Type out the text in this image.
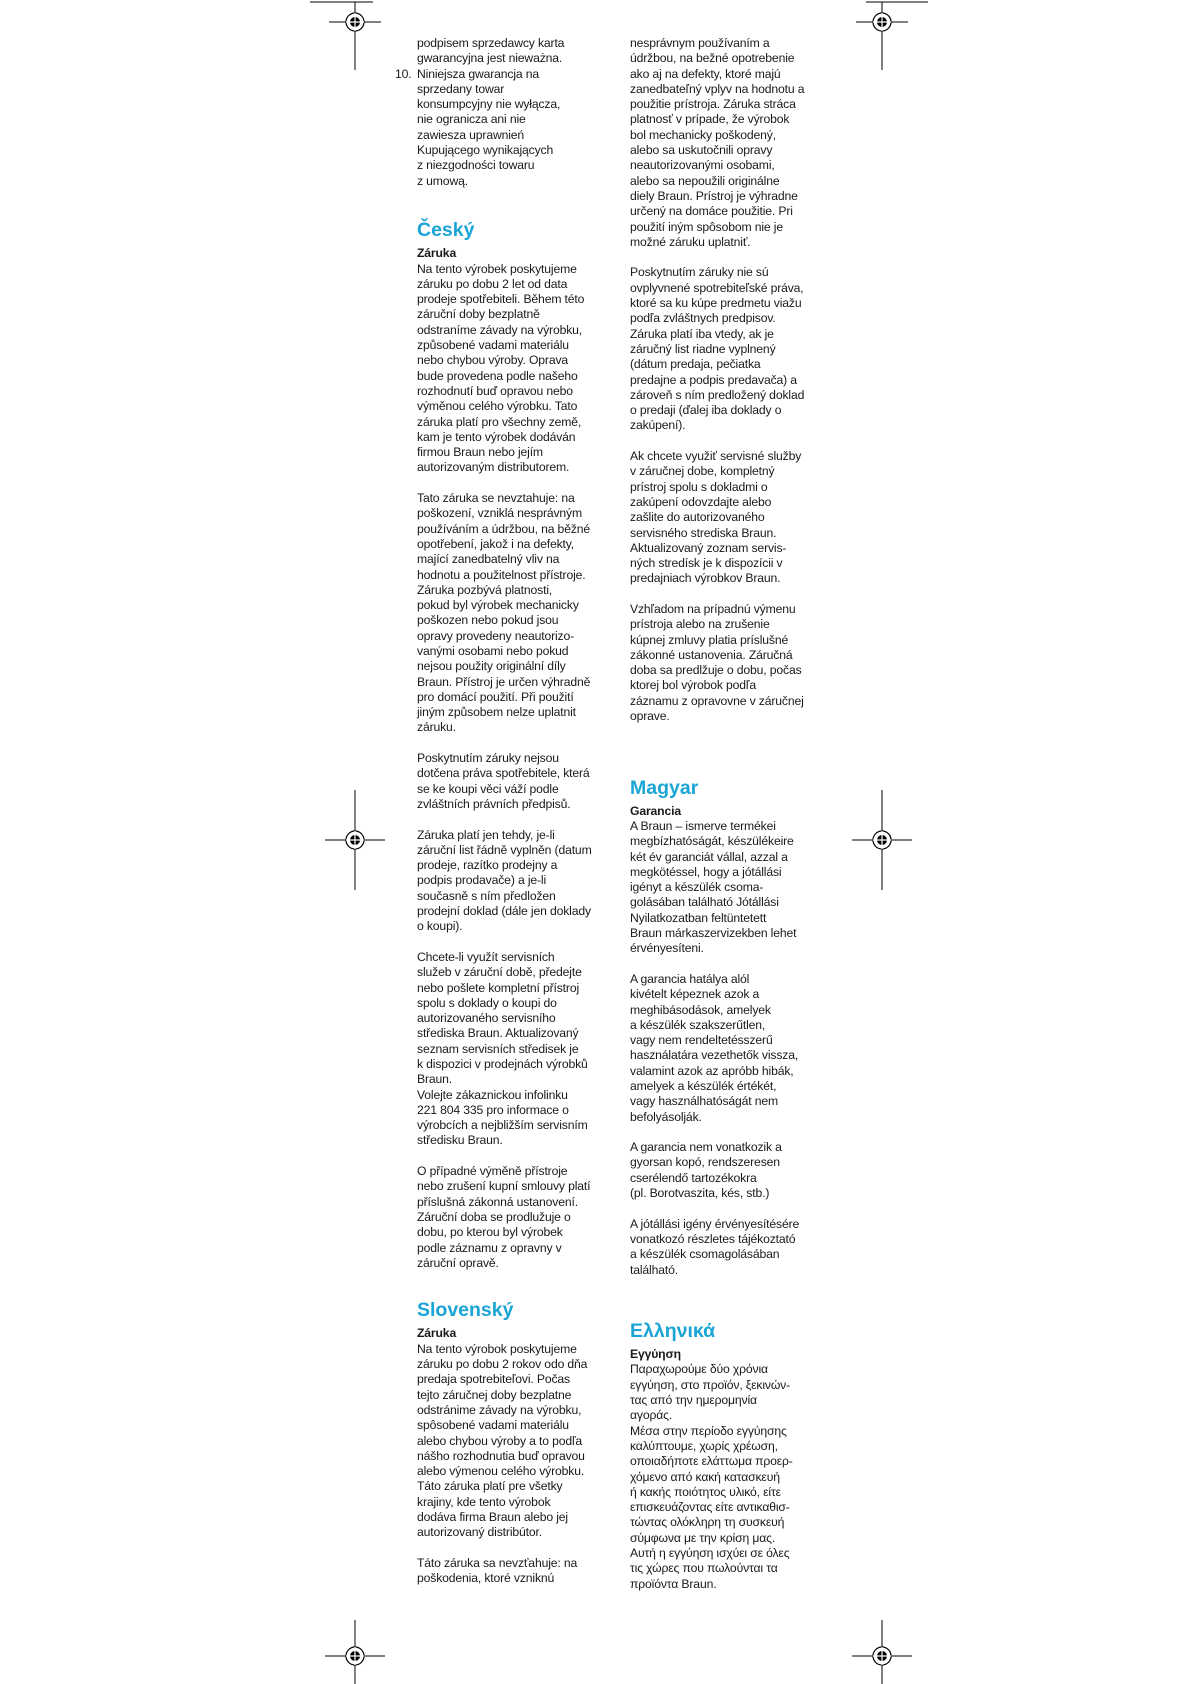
podpisem sprzedawcy karta
gwarancyjna jest nieważna.
10. Niniejsza gwarancja na
sprzedany towar
konsumpcyjny nie wyłącza,
nie ogranicza ani nie
zawiesza uprawnień
Kupującego wynikających
z niezgodności towaru
z umową.
Český
Záruka

Na tento výrobek poskytujeme
záruku po dobu 2 let od data
prodeje spotřebiteli. Během této
záruční doby bezplatně
odstraníme závady na výrobku,
způsobené vadami materiálu
nebo chybou výroby. Oprava
bude provedena podle našeho
rozhodnutí buď opravou nebo
výměnou celého výrobku. Tato
záruka platí pro všechny země,
kam je tento výrobek dodáván
firmou Braun nebo jejím
autorizovaným distributorem.

Tato záruka se nevztahuje: na
poškození, vzniklá nesprávným
používáním a údržbou, na běžné
opotřebení, jakož i na defekty,
mající zanedbatelný vliv na
hodnotu a použitelnost přístroje.
Záruka pozbývá platnosti,
pokud byl výrobek mechanicky
poškozen nebo pokud jsou
opravy provedeny neautorizo-
vanými osobami nebo pokud
nejsou použity originální díly
Braun. Přístroj je určen výhradně
pro domácí použití. Při použití
jiným způsobem nelze uplatnit
záruku.

Poskytnutím záruky nejsou
dotčena práva spotřebitele, která
se ke koupi věci váží podle
zvláštních právních předpisů.

Záruka platí jen tehdy, je-li
záruční list řádně vyplněn (datum
prodeje, razítko prodejny a
podpis prodavače) a je-li
současně s ním předložen
prodejní doklad (dále jen doklady
o koupi).

Chcete-li využít servisních
služeb v záruční době, předejte
nebo pošlete kompletní přístroj
spolu s doklady o koupi do
autorizovaného servisního
střediska Braun. Aktualizovaný
seznam servisních středisek je
k dispozici v prodejnách výrobků
Braun.

Volejte zákaznickou infolinku
221 804 335 pro informace o
výrobcích a nejbližším servisním
středisku Braun.

O případné výměně přístroje
nebo zrušení kupní smlouvy platí
příslušná zákonná ustanovení.
Záruční doba se prodlužuje o
dobu, po kterou byl výrobek
podle záznamu z opravny v
záruční opravě.

Slovenský
Záruka

Na tento výrobok poskytujeme
záruku po dobu 2 rokov odo dňa
predaja spotrebiteľovi. Počas
tejto záručnej doby bezplatne
odstránime závady na výrobku,
spôsobené vadami materiálu
alebo chybou výroby a to podľa
nášho rozhodnutia buď opravou
alebo výmenou celého výrobku.
Táto záruka platí pre všetky
krajiny, kde tento výrobok
dodáva firma Braun alebo jej
autorizovaný distribútor.

Táto záruka sa nevzťahuje: na
poškodenia, ktoré vzniknú

nesprávnym používaním a
údržbou, na bežné opotrebenie
ako aj na defekty, ktoré majú
zanedbateľný vplyv na hodnotu a
použitie prístroja. Záruka stráca
platnosť v prípade, že výrobok
bol mechanicky poškodený,
alebo sa uskutočnili opravy
neautorizovanými osobami,
alebo sa nepoužili originálne
diely Braun. Prístroj je výhradne
určený na domáce použitie. Pri
použití iným spôsobom nie je
možné záruku uplatniť.

Poskytnutím záruky nie sú
ovplyvnené spotrebiteľské práva,
ktoré sa ku kúpe predmetu viažu
podľa zvláštnych predpisov.
Záruka platí iba vtedy, ak je
záručný list riadne vyplnený
(dátum predaja, pečiatka
predajne a podpis predavača) a
zároveň s ním predložený doklad
o predaji (ďalej iba doklady o
zakúpení).

Ak chcete využiť servisné služby
v záručnej dobe, kompletný
prístroj spolu s dokladmi o
zakúpení odovzdajte alebo
zašlite do autorizovaného
servisného strediska Braun.
Aktualizovaný zoznam servis-
ných stredísk je k dispozícii v
predajniach výrobkov Braun.

Vzhľadom na prípadnú výmenu
prístroja alebo na zrušenie
kúpnej zmluvy platia príslušné
zákonné ustanovenia. Záručná
doba sa predlžuje o dobu, počas
ktorej bol výrobok podľa
záznamu z opravovne v záručnej
oprave.

Magyar
Garancia

A Braun – ismerve termékei
megbízhatóságát, készülékeire
két év garanciát vállal, azzal a
megkötéssel, hogy a jótállási
igényt a készülék csoma-
golásában található Jótállási
Nyilatkozatban feltüntetett
Braun márkaszervizekben lehet
érvényesíteni.

A garancia hatálya alól
kivételt képeznek azok a
meghibásodások, amelyek
a készülék szakszerűtlen,
vagy nem rendeltetésszerű
használatára vezethetők vissza,
valamint azok az apróbb hibák,
amelyek a készülék értékét,
vagy használhatóságát nem
befolyásolják.

A garancia nem vonatkozik a
gyorsan kopó, rendszeresen
cserélendő tartozékokra
(pl. Borotvaszita, kés, stb.)

A jótállási igény érvényesítésére
vonatkozó részletes tájékoztató
a készülék csomagolásában
található.

Ελληνικά
Εγγύηση

Παραχωρούμε δύο χρόνια
εγγύηση, στο προϊόν, ξεκινών-
τας από την ημερομηνία
αγοράς.

Μέσα στην περίοδο εγγύησης
καλύπτουμε, χωρίς χρέωση,
οποιαδήποτε ελάττωμα προερ-
χόμενο από κακή κατασκευή
ή κακής ποιότητος υλικό, είτε
επισκευάζοντας είτε αντικαθισ-
τώντας ολόκληρη τη συσκευή
σύμφωνα με την κρίση μας.
Αυτή η εγγύηση ισχύει σε όλες
τις χώρες που πωλούνται τα
προϊόντα Braun.
